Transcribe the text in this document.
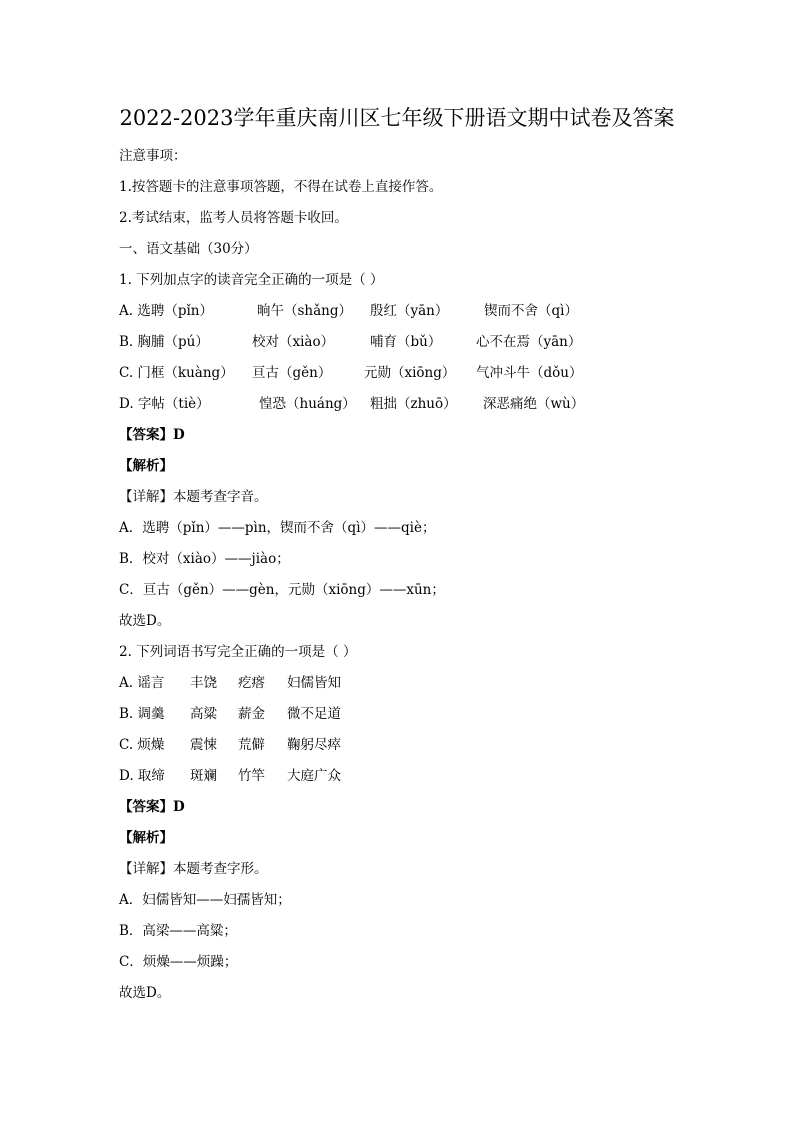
2022-2023学年重庆南川区七年级下册语文期中试卷及答案
注意事项：
1.按答题卡的注意事项答题，不得在试卷上直接作答。
2.考试结束，监考人员将答题卡收回。
一、语文基础（30分）
1. 下列加点字的读音完全正确的一项是（ ）
A. 选聘（pǐn）	晌午（shǎng） 殷红（yān）	锲而不舍（qì）
B. 胸脯（pú）	校对（xiào）	哺育（bǔ）	心不在焉（yān）
C. 门框（kuàng） 亘古（gěn） 元勋（xiōng） 气冲斗牛（dǒu）
D. 字帖（tiè）	惶恐（huáng） 粗拙（zhuō） 深恶痛绝（wù）
【答案】D
【解析】
【详解】本题考查字音。
A．选聘（pǐn）——pìn，锲而不舍（qì）——qiè；
B．校对（xiào）——jiào；
C．亘古（gěn）——gèn，元勋（xiōng）——xūn；
故选D。
2. 下列词语书写完全正确的一项是（ ）
A. 谣言 丰饶 疙瘩 妇儒皆知
B. 调羹 高粱 薪金 微不足道
C. 烦燥 震悚 荒僻 鞠躬尽瘁
D. 取缔 斑斓 竹竿 大庭广众
【答案】D
【解析】
【详解】本题考查字形。
A．妇儒皆知——妇孺皆知；
B．高梁——高粱；
C．烦燥——烦躁；
故选D。
